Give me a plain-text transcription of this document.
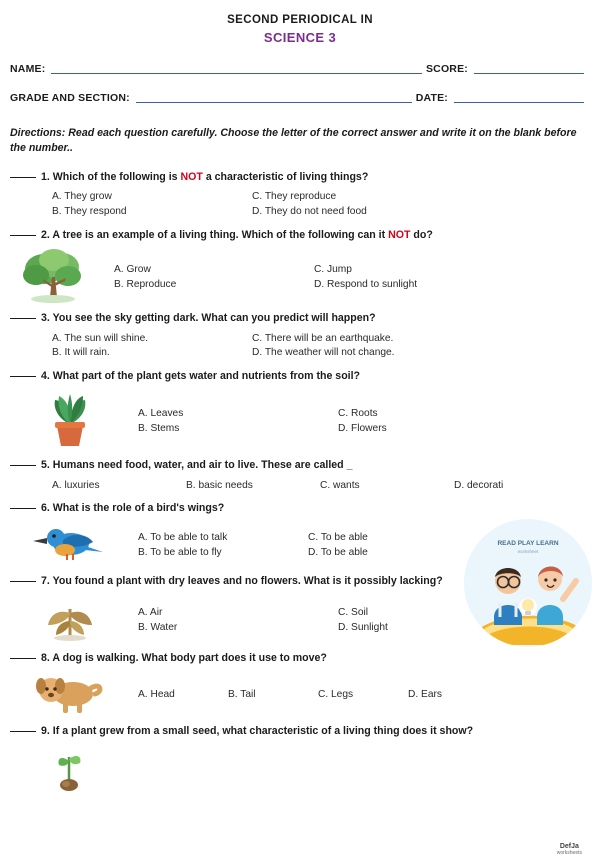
SECOND PERIODICAL IN
SCIENCE 3
NAME:	SCORE:
GRADE AND SECTION:	DATE:
Directions: Read each question carefully. Choose the letter of the correct answer and write it on the blank before the number..
1. Which of the following is NOT a characteristic of living things?
A. They grow	C. They reproduce
B. They respond	D. They do not need food
2. A tree is an example of a living thing. Which of the following can it NOT do?
A. Grow	C. Jump
B. Reproduce	D. Respond to sunlight
3. You see the sky getting dark. What can you predict will happen?
A. The sun will shine.	C. There will be an earthquake.
B. It will rain.	D. The weather will not change.
4. What part of the plant gets water and nutrients from the soil?
A. Leaves	C. Roots
B. Stems	D. Flowers
5. Humans need food, water, and air to live. These are called _
A. luxuries	B. basic needs	C. wants	D. decorati
6. What is the role of a bird's wings?
A. To be able to talk	C. To be able
B. To be able to fly	D. To be able
7. You found a plant with dry leaves and no flowers. What is it possibly lacking?
A. Air	C. Soil
B. Water	D. Sunlight
8. A dog is walking. What body part does it use to move?
A. Head	B. Tail	C. Legs	D. Ears
9. If a plant grew from a small seed, what characteristic of a living thing does it show?
READ PLAY LEARN
worksheet
DefJa
worksheets
